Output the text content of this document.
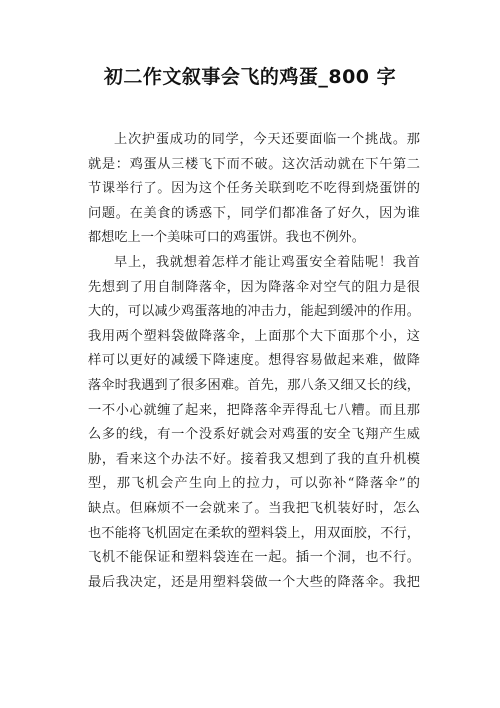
初二作文叙事会飞的鸡蛋_800 字
上次护蛋成功的同学，今天还要面临一个挑战。那
就是：鸡蛋从三楼飞下而不破。这次活动就在下午第二
节课举行了。因为这个任务关联到吃不吃得到烧蛋饼的
问题。在美食的诱惑下，同学们都准备了好久，因为谁
都想吃上一个美味可口的鸡蛋饼。我也不例外。
早上，我就想着怎样才能让鸡蛋安全着陆呢！我首
先想到了用自制降落伞，因为降落伞对空气的阻力是很
大的，可以减少鸡蛋落地的冲击力，能起到缓冲的作用。
我用两个塑料袋做降落伞，上面那个大下面那个小，这
样可以更好的减缓下降速度。想得容易做起来难，做降
落伞时我遇到了很多困难。首先，那八条又细又长的线，
一不小心就缠了起来，把降落伞弄得乱七八糟。而且那
么多的线，有一个没系好就会对鸡蛋的安全飞翔产生威
胁，看来这个办法不好。接着我又想到了我的直升机模
型，那飞机会产生向上的拉力，可以弥补“降落伞”的
缺点。但麻烦不一会就来了。当我把飞机装好时，怎么
也不能将飞机固定在柔软的塑料袋上，用双面胶，不行，
飞机不能保证和塑料袋连在一起。插一个洞，也不行。
最后我决定，还是用塑料袋做一个大些的降落伞。我把
